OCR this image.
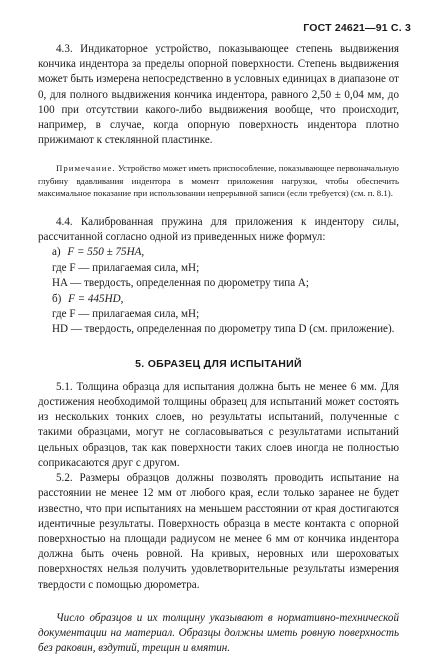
ГОСТ 24621—91 С. 3

4.3. Индикаторное устройство, показывающее степень выдвижения кончика индентора за пределы опорной поверхности. Степень выдвижения может быть измерена непосредственно в условных единицах в диапазоне от 0, для полного выдвижения кончика индентора, равного 2,50 ± 0,04 мм, до 100 при отсутствии какого-либо выдвижения вообще, что происходит, например, в случае, когда опорную поверхность индентора плотно прижимают к стеклянной пластинке.

Примечание. Устройство может иметь приспособление, показывающее первоначальную глубину вдавливания индентора в момент приложения нагрузки, чтобы обеспечить максимальное показание при использовании непрерывной записи (если требуется) (см. п. 8.1).

4.4. Калиброванная пружина для приложения к индентору силы, рассчитанной согласно одной из приведенных ниже формул:

а) F = 550 ± 75HA,

где F — прилагаемая сила, мН;

HA — твердость, определенная по дюрометру типа А;

б) F = 445HD,

где F — прилагаемая сила, мН;

HD — твердость, определенная по дюрометру типа D (см. приложение).

5. ОБРАЗЕЦ ДЛЯ ИСПЫТАНИЙ

5.1. Толщина образца для испытания должна быть не менее 6 мм. Для достижения необходимой толщины образец для испытаний может состоять из нескольких тонких слоев, но результаты испытаний, полученные с такими образцами, могут не согласовываться с результатами испытаний цельных образцов, так как поверхности таких слоев иногда не полностью соприкасаются друг с другом.

5.2. Размеры образцов должны позволять проводить испытание на расстоянии не менее 12 мм от любого края, если только заранее не будет известно, что при испытаниях на меньшем расстоянии от края достигаются идентичные результаты. Поверхность образца в месте контакта с опорной поверхностью на площади радиусом не менее 6 мм от кончика индентора должна быть очень ровной. На кривых, неровных или шероховатых поверхностях нельзя получить удовлетворительные результаты измерения твердости с помощью дюрометра.

Число образцов и их толщину указывают в нормативно-технической документации на материал. Образцы должны иметь ровную поверхность без раковин, вздутий, трещин и вмятин.
